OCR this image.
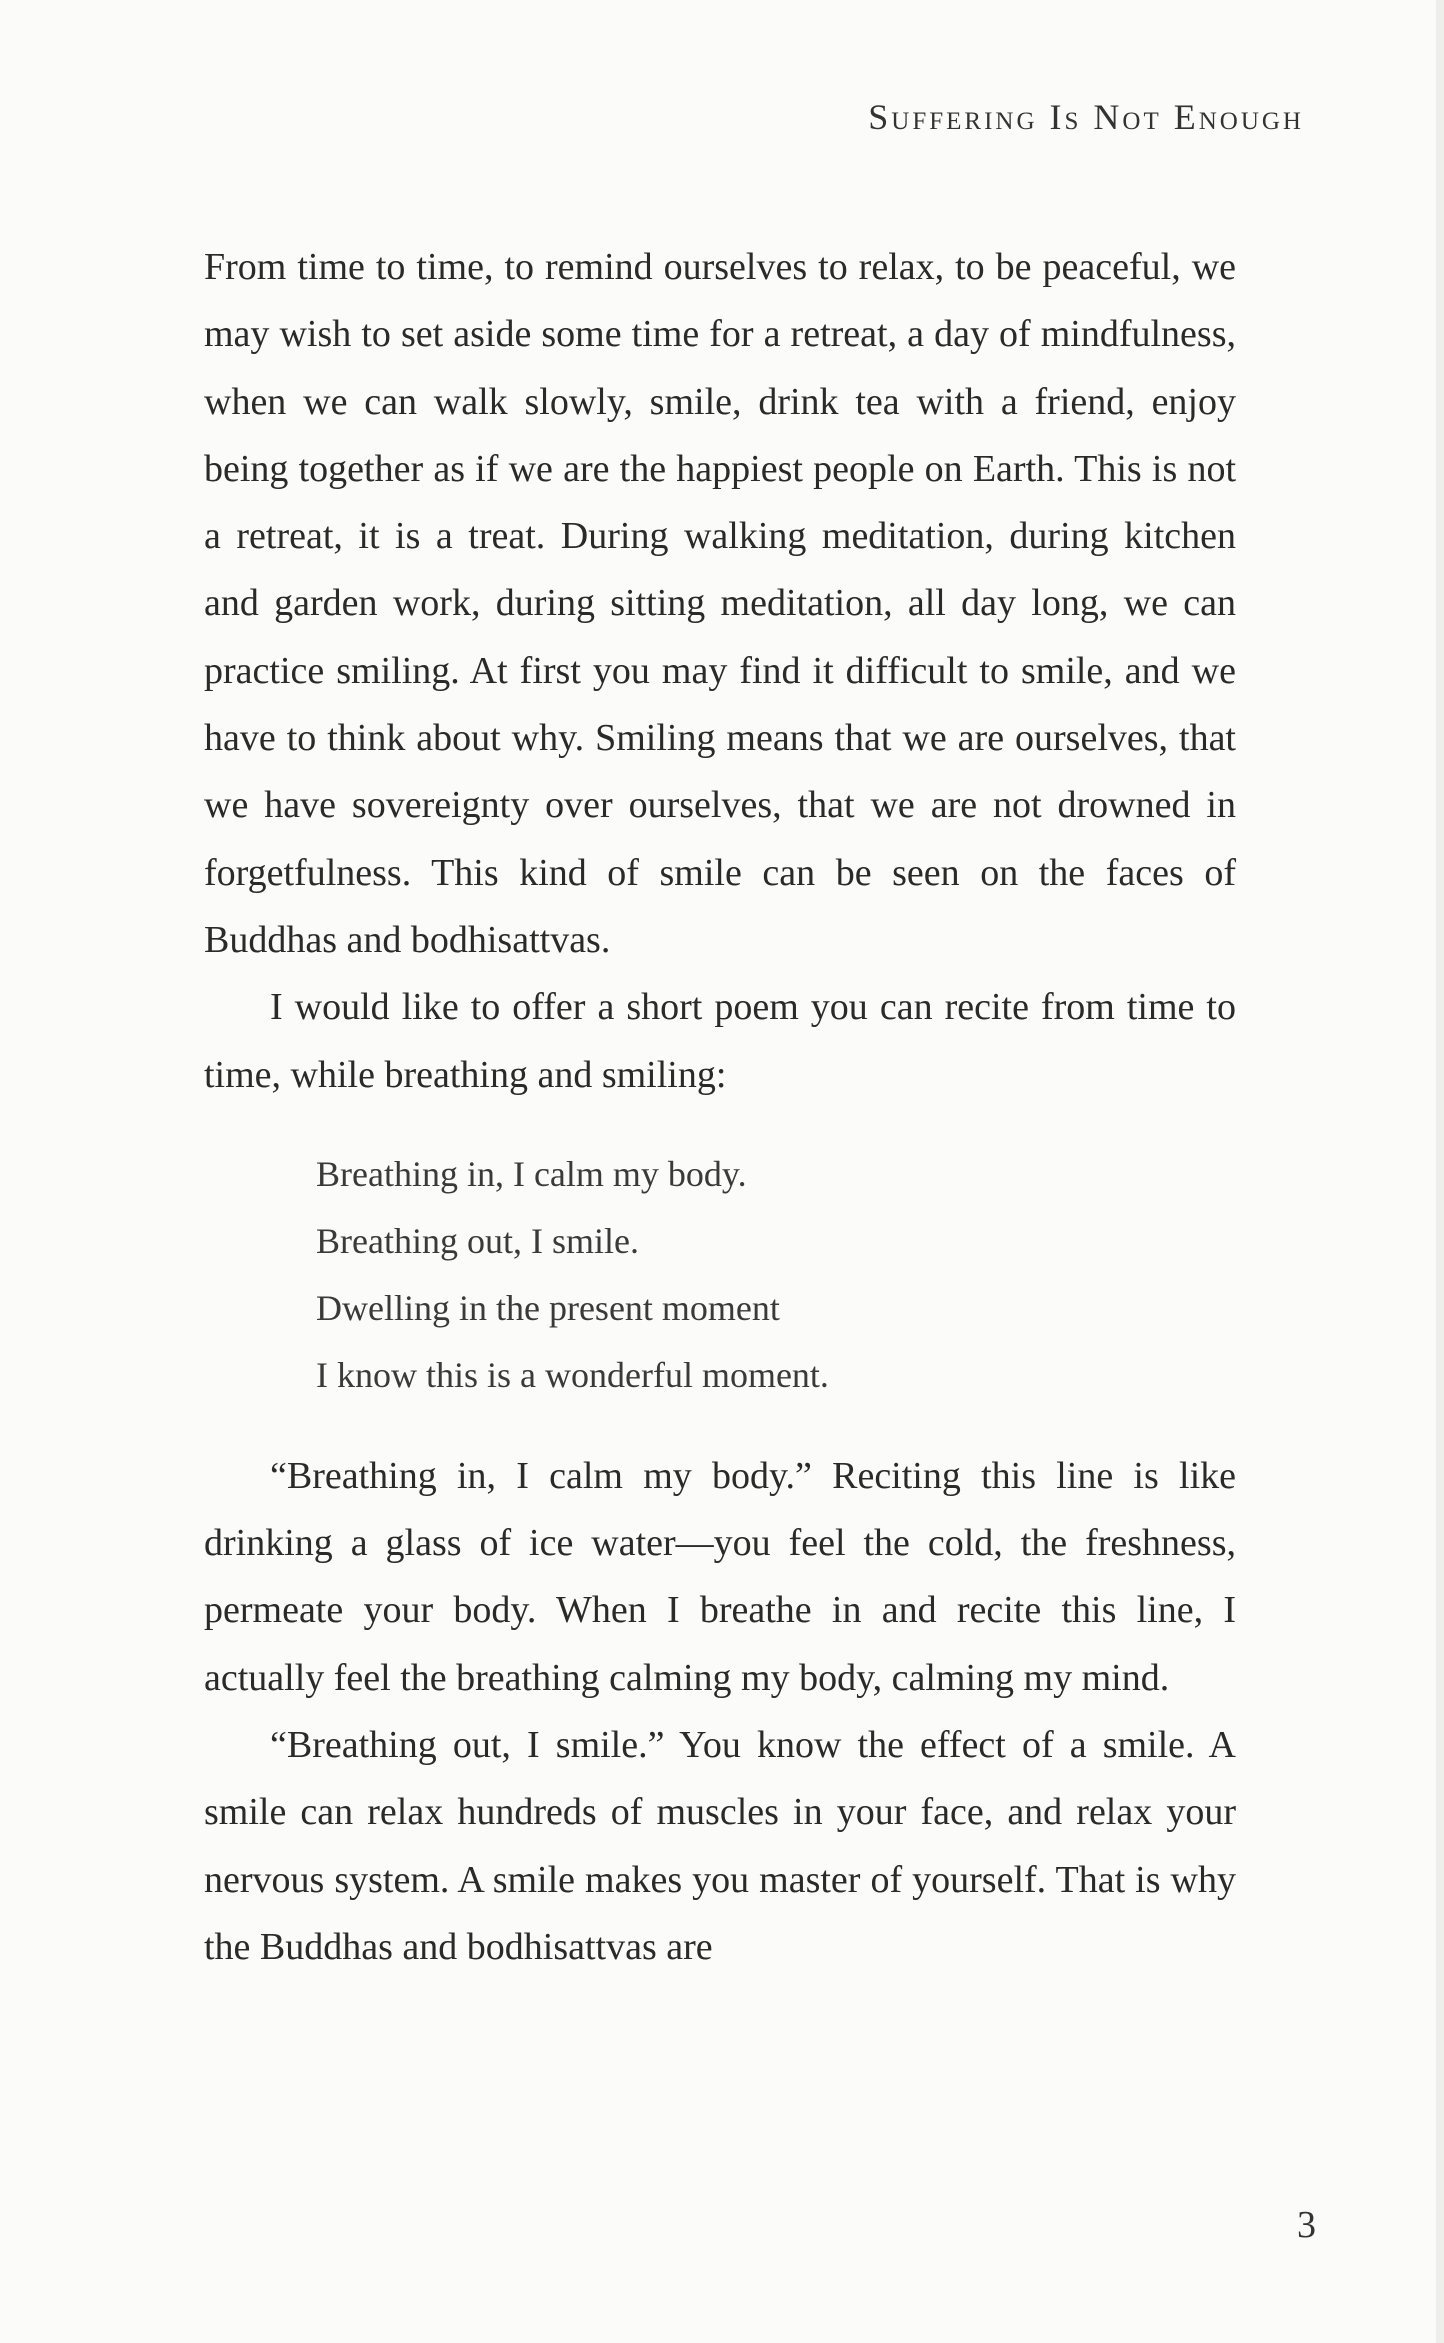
Suffering Is Not Enough

From time to time, to remind ourselves to relax, to be peaceful, we may wish to set aside some time for a retreat, a day of mindfulness, when we can walk slowly, smile, drink tea with a friend, enjoy being together as if we are the happiest people on Earth. This is not a retreat, it is a treat. During walking meditation, during kitchen and garden work, during sitting meditation, all day long, we can practice smiling. At first you may find it difficult to smile, and we have to think about why. Smiling means that we are ourselves, that we have sovereignty over ourselves, that we are not drowned in forgetfulness. This kind of smile can be seen on the faces of Buddhas and bodhisattvas.

I would like to offer a short poem you can recite from time to time, while breathing and smiling:

Breathing in, I calm my body.
Breathing out, I smile.
Dwelling in the present moment
I know this is a wonderful moment.

“Breathing in, I calm my body.” Reciting this line is like drinking a glass of ice water—you feel the cold, the freshness, permeate your body. When I breathe in and recite this line, I actually feel the breathing calming my body, calming my mind.

“Breathing out, I smile.” You know the effect of a smile. A smile can relax hundreds of muscles in your face, and relax your nervous system. A smile makes you master of yourself. That is why the Buddhas and bodhisattvas are

3
